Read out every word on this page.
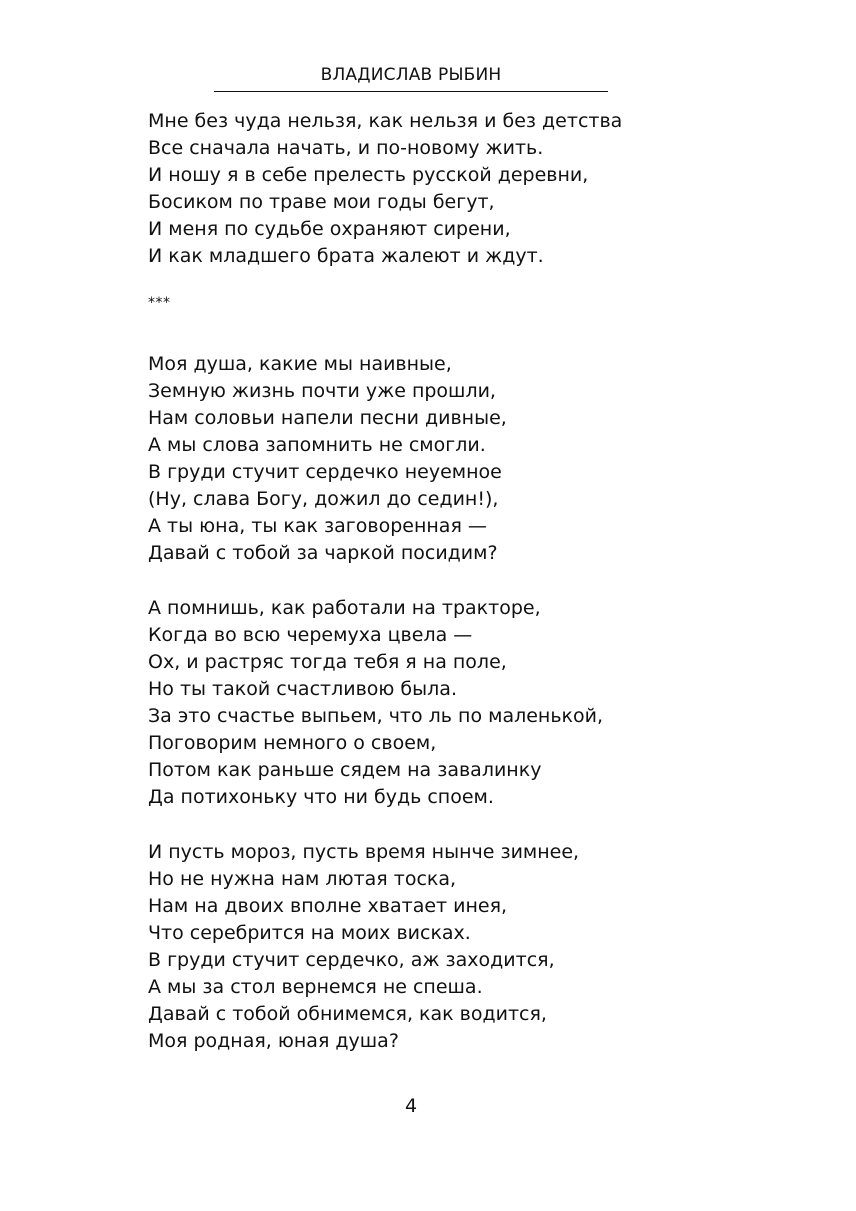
ВЛАДИСЛАВ РЫБИН
Мне без чуда нельзя, как нельзя и без детства
Все сначала начать, и по-новому жить.
И ношу я в себе прелесть русской деревни,
Босиком по траве мои годы бегут,
И меня по судьбе охраняют сирени,
И как младшего брата жалеют и ждут.
***
Моя душа, какие мы наивные,
Земную жизнь почти уже прошли,
Нам соловьи напели песни дивные,
А мы слова запомнить не смогли.
В груди стучит сердечко неуемное
(Ну, слава Богу, дожил до седин!),
А ты юна, ты как заговоренная —
Давай с тобой за чаркой посидим?
А помнишь, как работали на тракторе,
Когда во всю черемуха цвела —
Ох, и растряс тогда тебя я на поле,
Но ты такой счастливою была.
За это счастье выпьем, что ль по маленькой,
Поговорим немного о своем,
Потом как раньше сядем на завалинку
Да потихоньку что ни будь споем.
И пусть мороз, пусть время нынче зимнее,
Но не нужна нам лютая тоска,
Нам на двоих вполне хватает инея,
Что серебрится на моих висках.
В груди стучит сердечко, аж заходится,
А мы за стол вернемся не спеша.
Давай с тобой обнимемся, как водится,
Моя родная, юная душа?
4
